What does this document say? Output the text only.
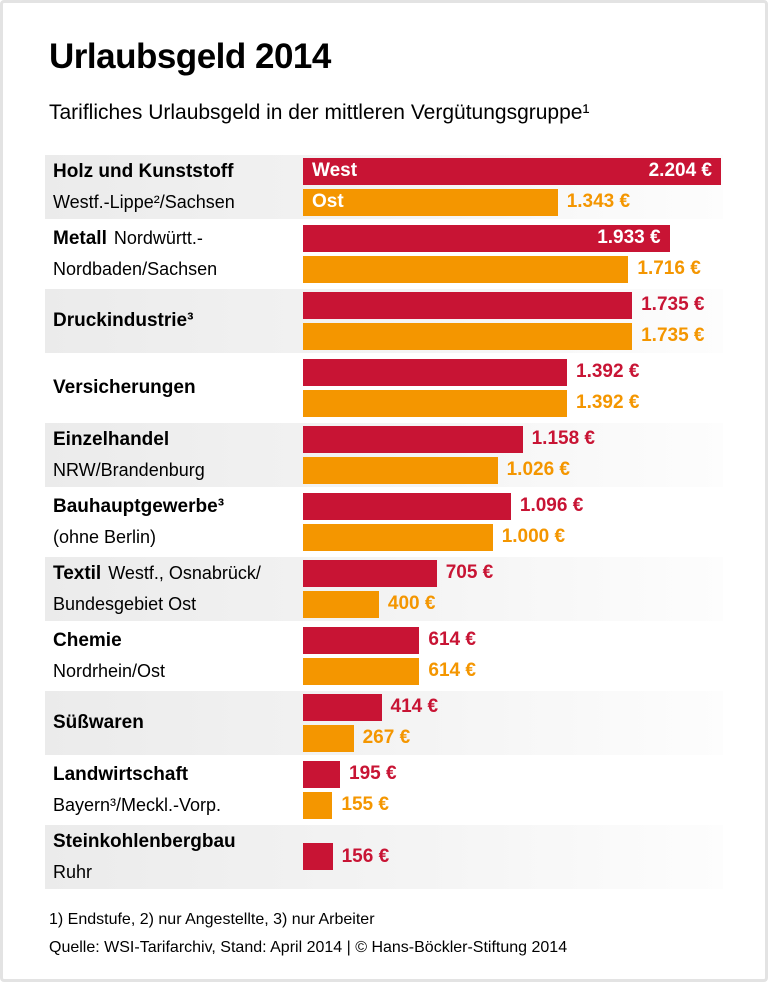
Urlaubsgeld 2014
Tarifliches Urlaubsgeld in der mittleren Vergütungsgruppe¹
Holz und Kunststoff
Westf.-Lippe²/Sachsen
West	2.204 €
Ost	1.343 €
Metall Nordwürtt.-
Nordbaden/Sachsen
1.933 €
1.716 €
Druckindustrie³
1.735 €
1.735 €
Versicherungen
1.392 €
1.392 €
Einzelhandel
NRW/Brandenburg
1.158 €
1.026 €
Bauhauptgewerbe³
(ohne Berlin)
1.096 €
1.000 €
Textil Westf., Osnabrück/
Bundesgebiet Ost
705 €
400 €
Chemie
Nordrhein/Ost
614 €
614 €
Süßwaren
414 €
267 €
Landwirtschaft
Bayern³/Meckl.-Vorp.
195 €
155 €
Steinkohlenbergbau
Ruhr
156 €
1) Endstufe, 2) nur Angestellte, 3) nur Arbeiter
Quelle: WSI-Tarifarchiv, Stand: April 2014 | © Hans-Böckler-Stiftung 2014
